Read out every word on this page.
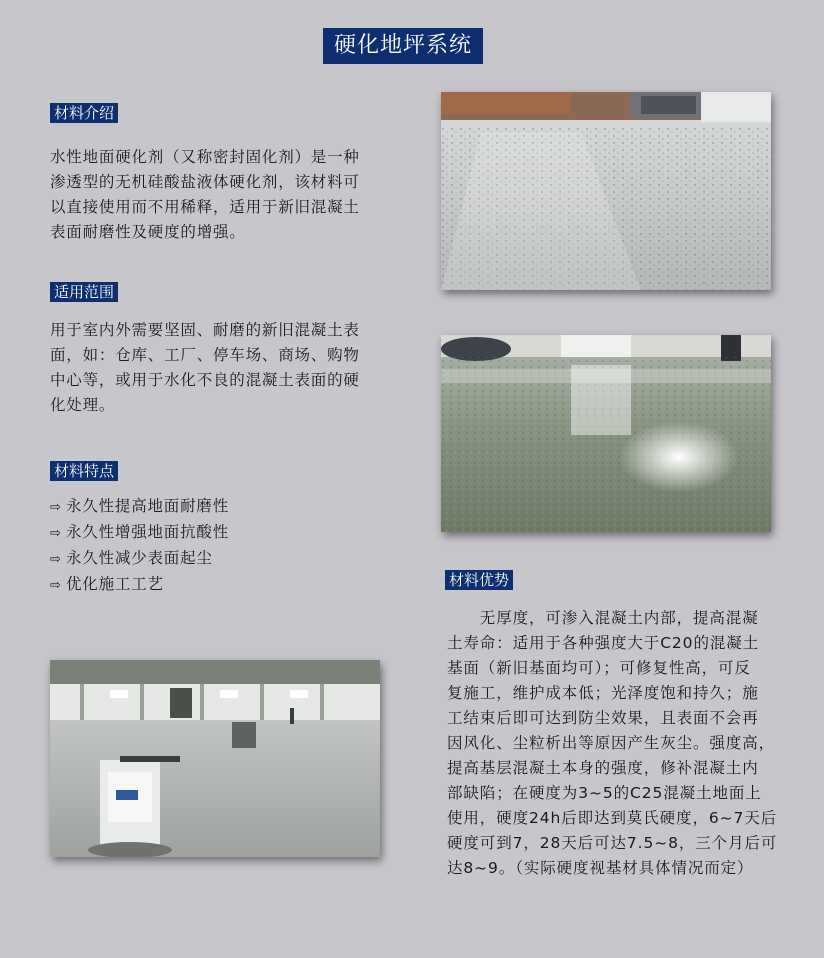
硬化地坪系统
材料介绍
水性地面硬化剂（又称密封固化剂）是一种
渗透型的无机硅酸盐液体硬化剂，该材料可
以直接使用而不用稀释，适用于新旧混凝土
表面耐磨性及硬度的增强。
适用范围
用于室内外需要坚固、耐磨的新旧混凝土表
面，如：仓库、工厂、停车场、商场、购物
中心等，或用于水化不良的混凝土表面的硬
化处理。
材料特点
⇨ 永久性提高地面耐磨性
⇨ 永久性增强地面抗酸性
⇨ 永久性减少表面起尘
⇨ 优化施工工艺	材料优势
　　无厚度，可渗入混凝土内部，提高混凝
土寿命：适用于各种强度大于C20的混凝土
基面（新旧基面均可）；可修复性高，可反
复施工，维护成本低；光泽度饱和持久；施
工结束后即可达到防尘效果，且表面不会再
因风化、尘粒析出等原因产生灰尘。强度高，
提高基层混凝土本身的强度，修补混凝土内
部缺陷；在硬度为3~5的C25混凝土地面上
使用，硬度24h后即达到莫氏硬度，6~7天后
硬度可到7，28天后可达7.5~8，三个月后可
达8~9。（实际硬度视基材具体情况而定）
